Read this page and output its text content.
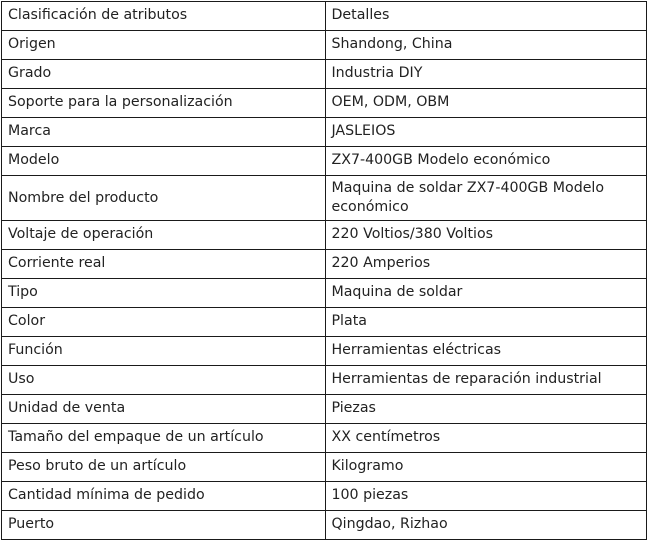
Clasificación de atributos	Detalles
Origen	Shandong, China
Grado	Industria DIY
Soporte para la personalización	OEM, ODM, OBM
Marca	JASLEIOS
Modelo	ZX7-400GB Modelo económico
Nombre del producto	Maquina de soldar ZX7-400GB Modelo económico
Voltaje de operación	220 Voltios/380 Voltios
Corriente real	220 Amperios
Tipo	Maquina de soldar
Color	Plata
Función	Herramientas eléctricas
Uso	Herramientas de reparación industrial
Unidad de venta	Piezas
Tamaño del empaque de un artículo	XX centímetros
Peso bruto de un artículo	Kilogramo
Cantidad mínima de pedido	100 piezas
Puerto	Qingdao, Rizhao
